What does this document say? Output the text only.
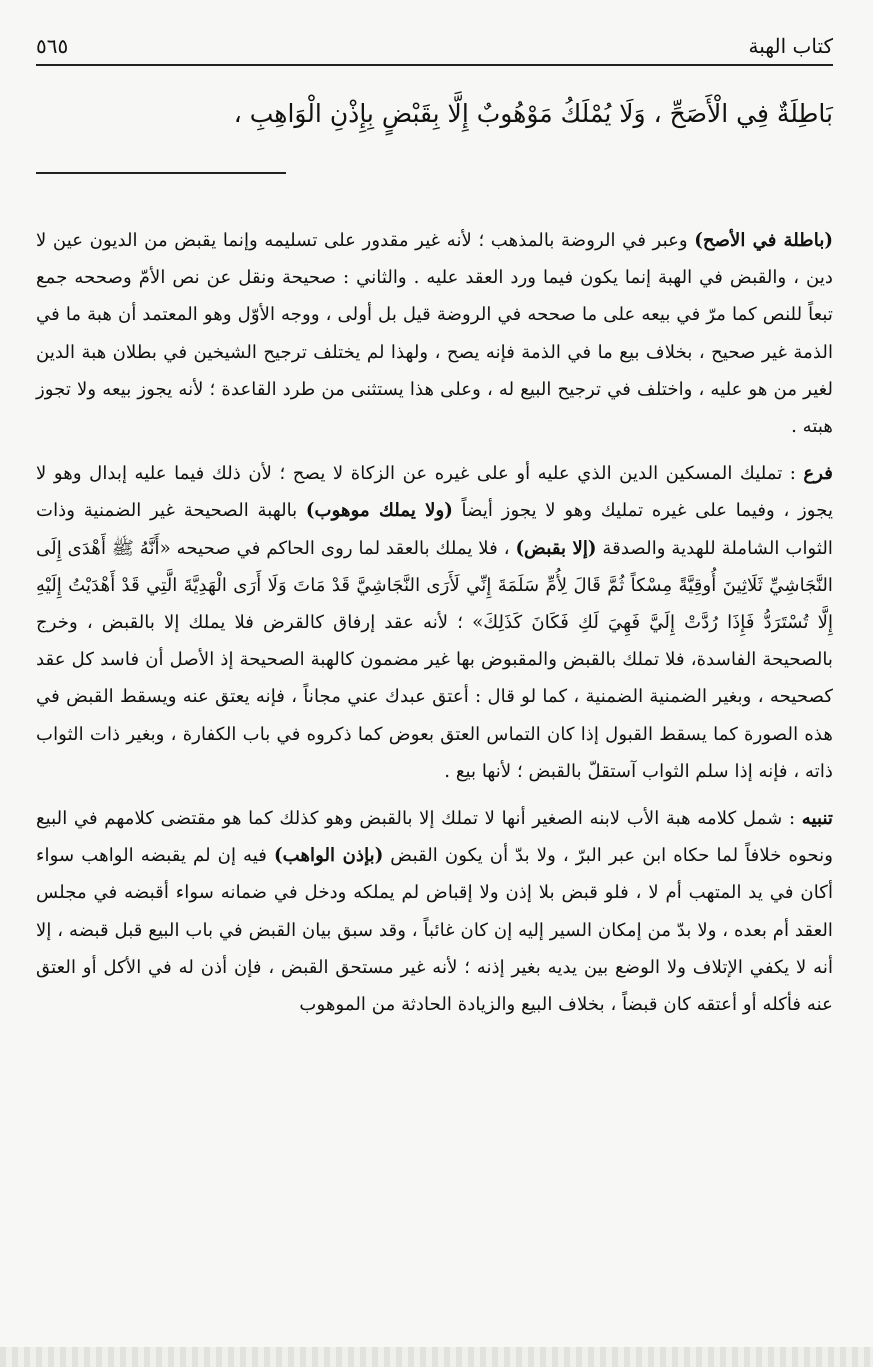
كتاب الهبة
٥٦٥
بَاطِلَةٌ فِي الْأَصَحِّ ، وَلَا يُمْلَكُ مَوْهُوبٌ إِلَّا بِقَبْضٍ بِإِذْنِ الْوَاهِبِ ،

(باطلة في الأصح) وعبر في الروضة بالمذهب ؛ لأنه غير مقدور على تسليمه وإنما يقبض من الديون عين لا دين ، والقبض في الهبة إنما يكون فيما ورد العقد عليه . والثاني : صحيحة ونقل عن نص الأمّ وصححه جمع تبعاً للنص كما مرّ في بيعه على ما صححه في الروضة قيل بل أولى ، ووجه الأوّل وهو المعتمد أن هبة ما في الذمة غير صحيح ، بخلاف بيع ما في الذمة فإنه يصح ، ولهذا لم يختلف ترجيح الشيخين في بطلان هبة الدين لغير من هو عليه ، واختلف في ترجيح البيع له ، وعلى هذا يستثنى من طرد القاعدة ؛ لأنه يجوز بيعه ولا تجوز هبته .

فرع : تمليك المسكين الدين الذي عليه أو على غيره عن الزكاة لا يصح ؛ لأن ذلك فيما عليه إبدال وهو لا يجوز ، وفيما على غيره تمليك وهو لا يجوز أيضاً (ولا يملك موهوب) بالهبة الصحيحة غير الضمنية وذات الثواب الشاملة للهدية والصدقة (إلا بقبض) ، فلا يملك بالعقد لما روى الحاكم في صحيحه «أَنَّهُ ﷺ أَهْدَى إِلَى النَّجَاشِيِّ ثَلَاثِينَ أُوقِيَّةً مِسْكاً ثُمَّ قَالَ لِأُمِّ سَلَمَةَ إِنِّي لَأَرَى النَّجَاشِيَّ قَدْ مَاتَ وَلَا أَرَى الْهَدِيَّةَ الَّتِي قَدْ أَهْدَيْتُ إِلَيْهِ إِلَّا تُسْتَرَدُّ فَإِذَا رُدَّتْ إِلَيَّ فَهِيَ لَكِ فَكَانَ كَذَلِكَ» ؛ لأنه عقد إرفاق كالقرض فلا يملك إلا بالقبض ، وخرج بالصحيحة الفاسدة، فلا تملك بالقبض والمقبوض بها غير مضمون كالهبة الصحيحة إذ الأصل أن فاسد كل عقد كصحيحه ، وبغير الضمنية الضمنية ، كما لو قال : أعتق عبدك عني مجاناً ، فإنه يعتق عنه ويسقط القبض في هذه الصورة كما يسقط القبول إذا كان التماس العتق بعوض كما ذكروه في باب الكفارة ، وبغير ذات الثواب ذاته ، فإنه إذا سلم الثواب آستقلّ بالقبض ؛ لأنها بيع .

تنبيه : شمل كلامه هبة الأب لابنه الصغير أنها لا تملك إلا بالقبض وهو كذلك كما هو مقتضى كلامهم في البيع ونحوه خلافاً لما حكاه ابن عبر البرّ ، ولا بدّ أن يكون القبض (بإذن الواهب) فيه إن لم يقبضه الواهب سواء أكان في يد المتهب أم لا ، فلو قبض بلا إذن ولا إقباض لم يملكه ودخل في ضمانه سواء أقبضه في مجلس العقد أم بعده ، ولا بدّ من إمكان السير إليه إن كان غائباً ، وقد سبق بيان القبض في باب البيع قبل قبضه ، إلا أنه لا يكفي الإتلاف ولا الوضع بين يديه بغير إذنه ؛ لأنه غير مستحق القبض ، فإن أذن له في الأكل أو العتق عنه فأكله أو أعتقه كان قبضاً ، بخلاف البيع والزيادة الحادثة من الموهوب
